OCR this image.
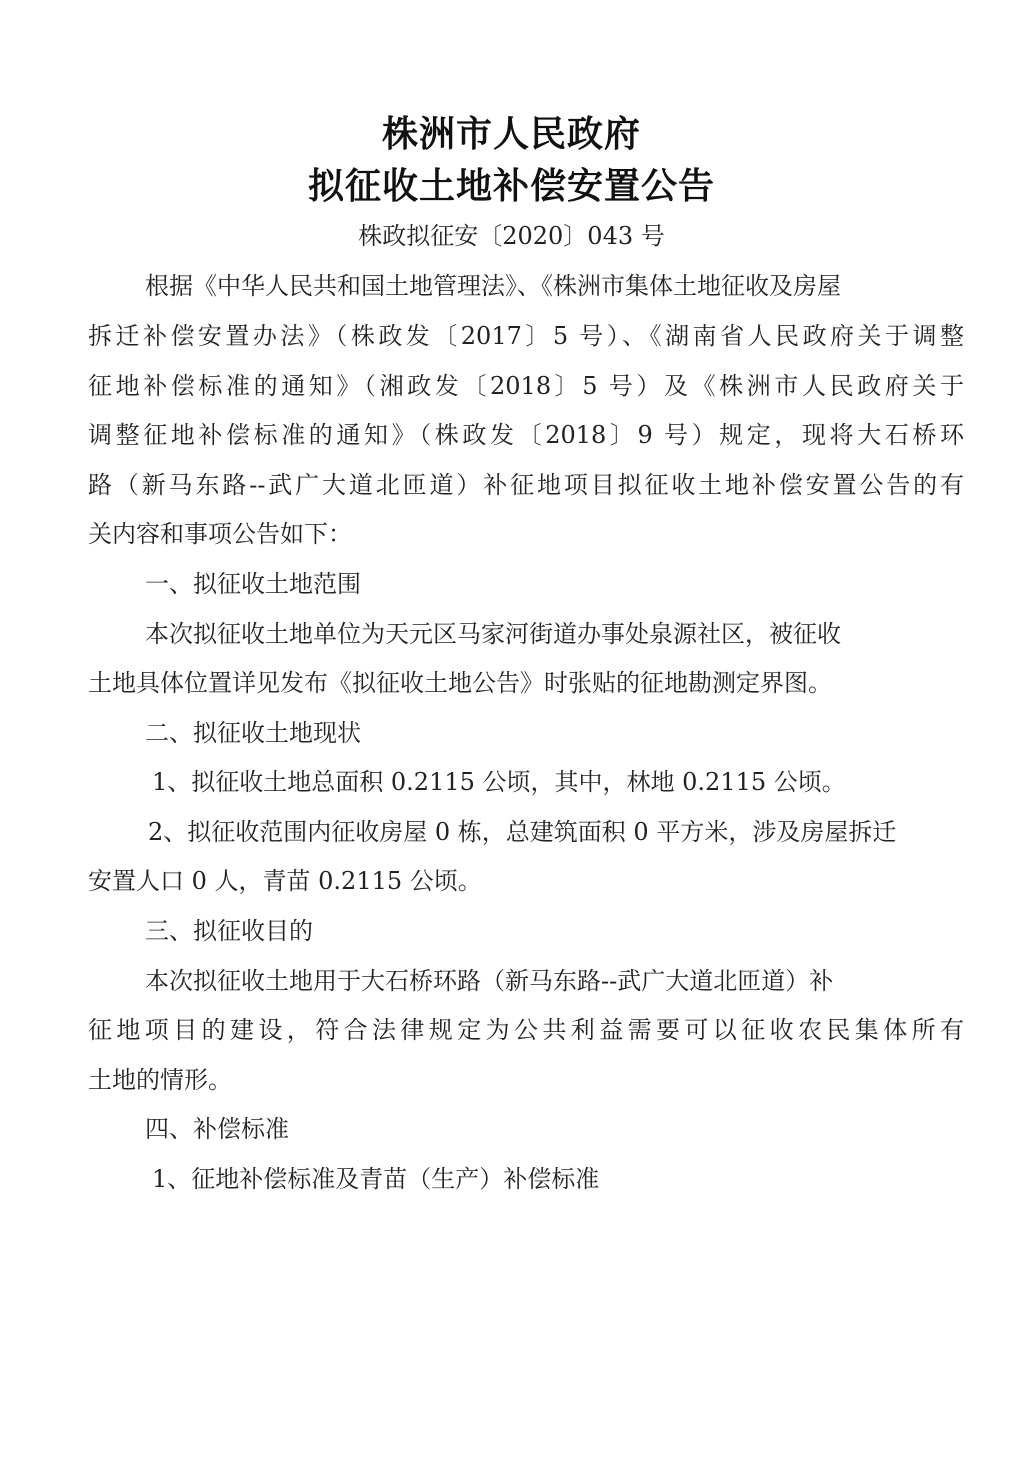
株洲市人民政府
拟征收土地补偿安置公告
株政拟征安〔2020〕043 号
根据《中华人民共和国土地管理法》、《株洲市集体土地征收及房屋
拆迁补偿安置办法》（株政发〔2017〕5 号）、《湖南省人民政府关于调整
征地补偿标准的通知》（湘政发〔2018〕5 号）及《株洲市人民政府关于
调整征地补偿标准的通知》（株政发〔2018〕9 号）规定，现将大石桥环
路（新马东路--武广大道北匝道）补征地项目拟征收土地补偿安置公告的有
关内容和事项公告如下：
一、拟征收土地范围
本次拟征收土地单位为天元区马家河街道办事处泉源社区，被征收
土地具体位置详见发布《拟征收土地公告》时张贴的征地勘测定界图。
二、拟征收土地现状
1、拟征收土地总面积 0.2115 公顷，其中，林地 0.2115 公顷。
2、拟征收范围内征收房屋 0 栋，总建筑面积 0 平方米，涉及房屋拆迁
安置人口 0 人，青苗 0.2115 公顷。
三、拟征收目的
本次拟征收土地用于大石桥环路（新马东路--武广大道北匝道）补
征地项目的建设，符合法律规定为公共利益需要可以征收农民集体所有
土地的情形。
四、补偿标准
1、征地补偿标准及青苗（生产）补偿标准
